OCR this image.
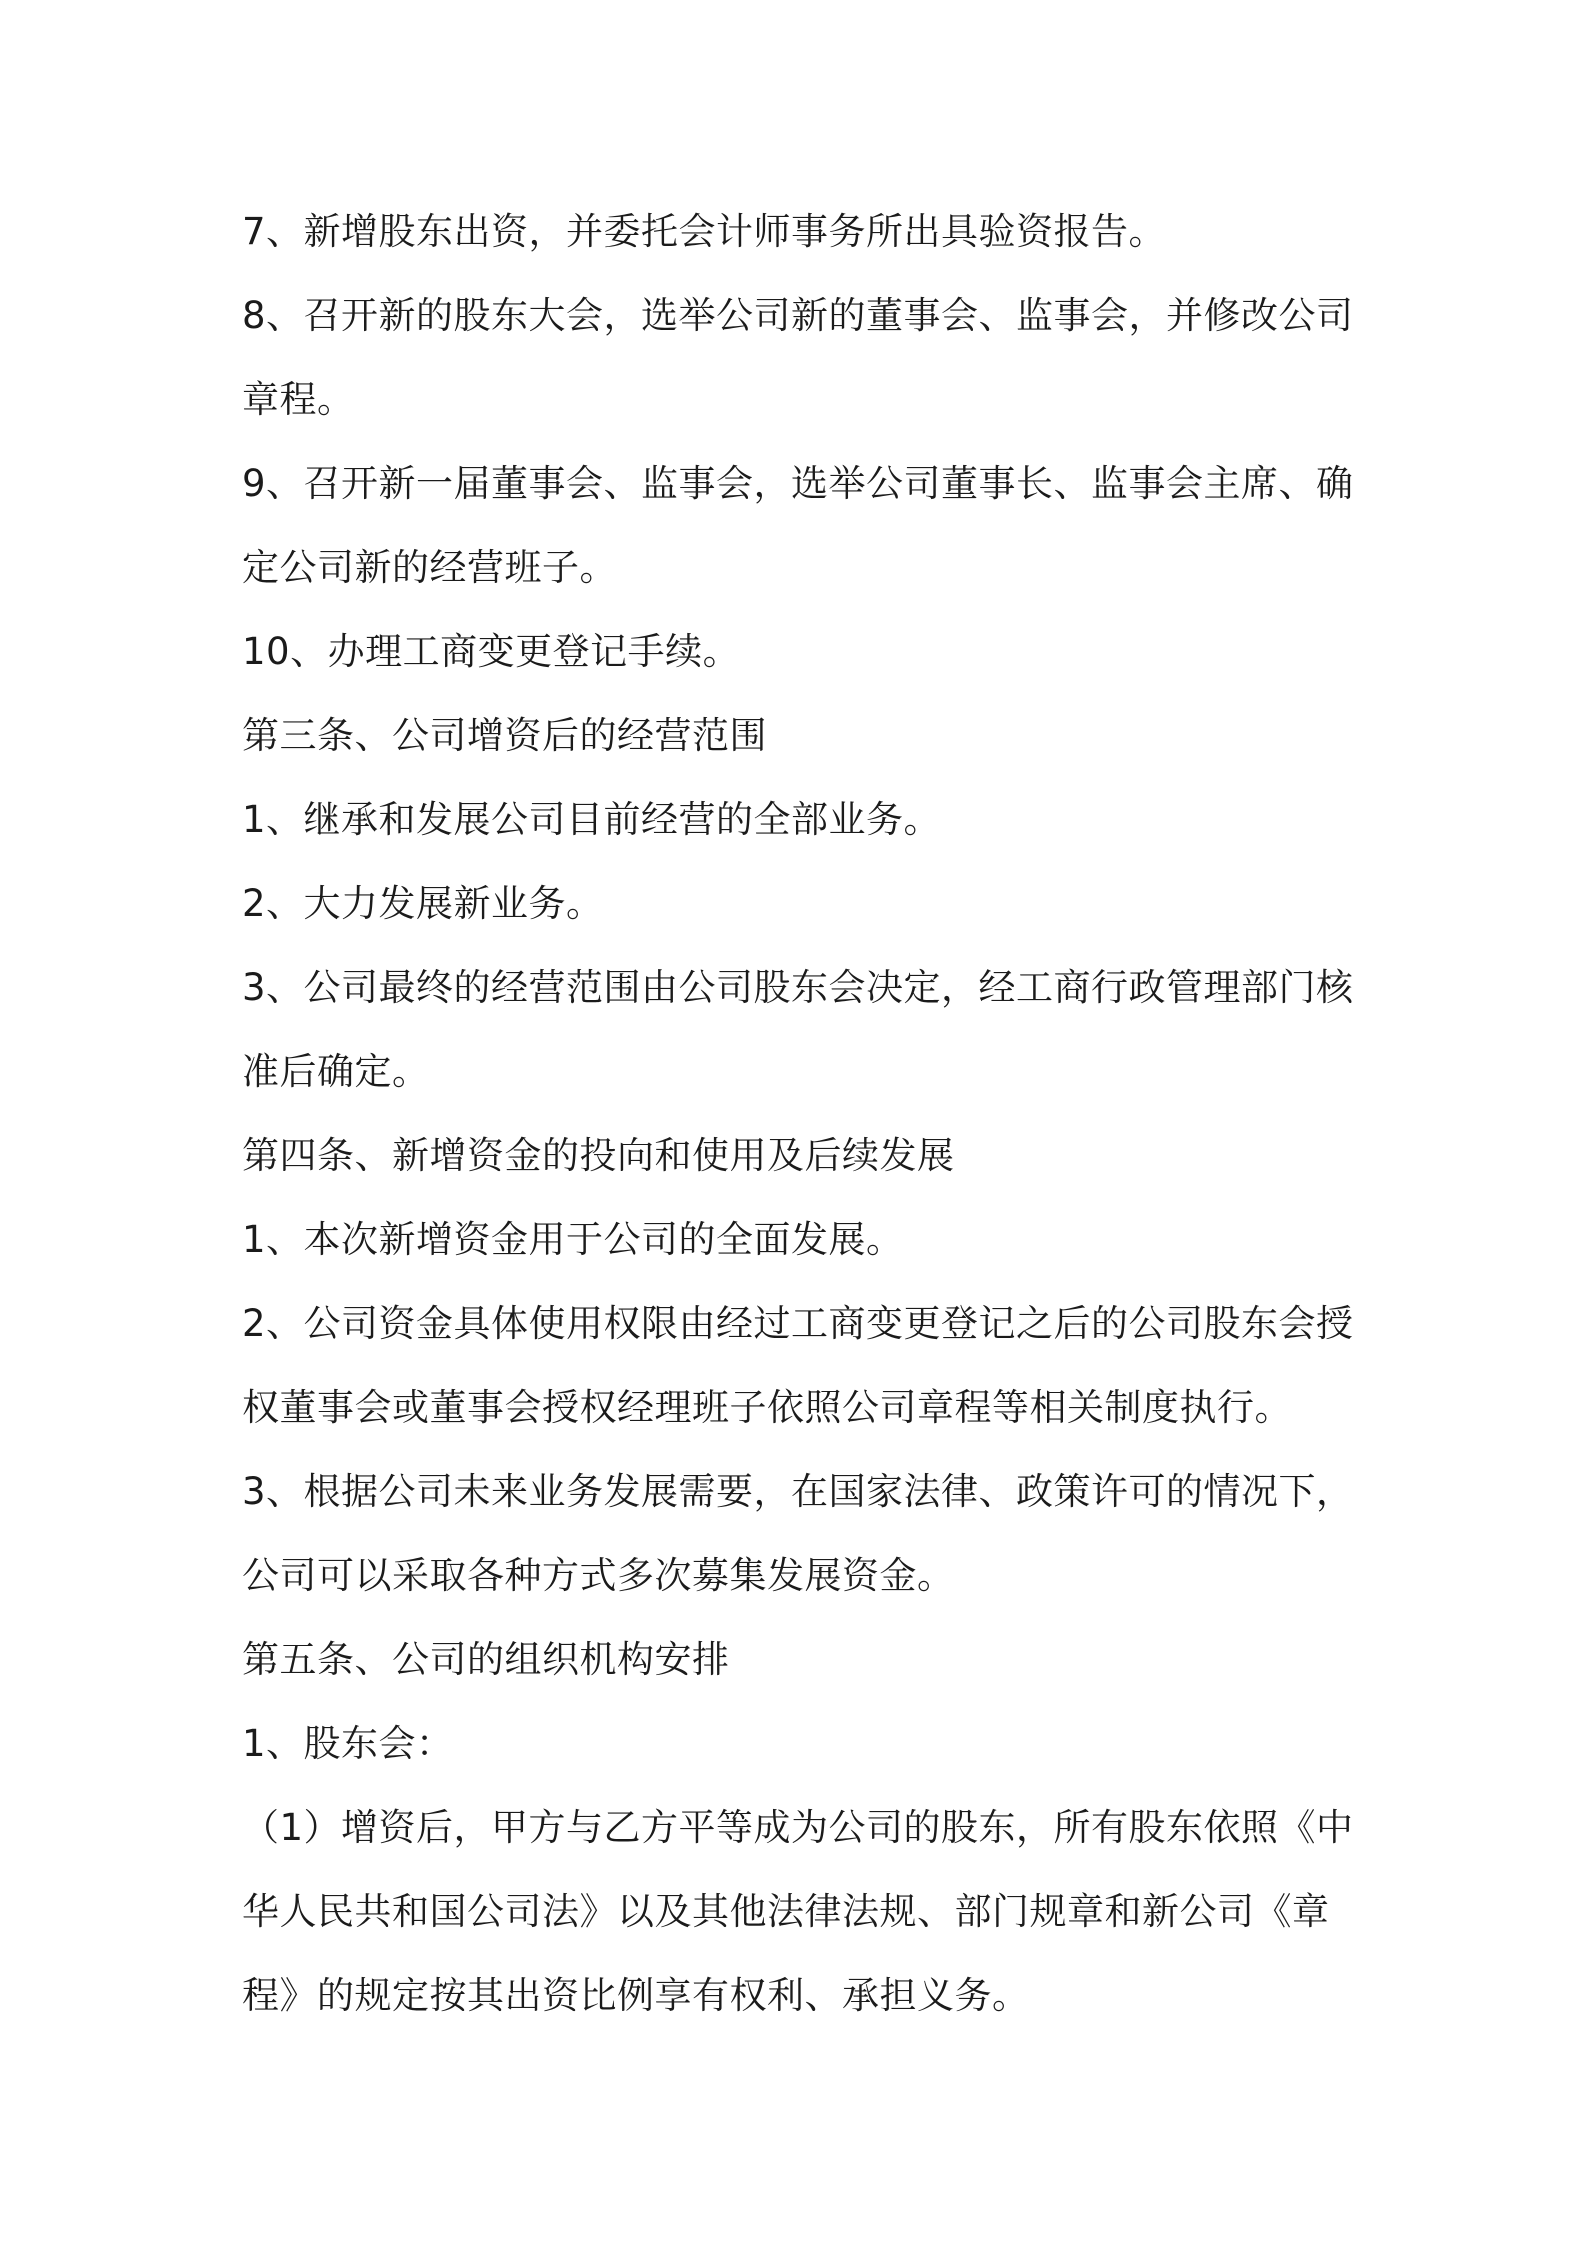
7、新增股东出资，并委托会计师事务所出具验资报告。

8、召开新的股东大会，选举公司新的董事会、监事会，并修改公司章程。

9、召开新一届董事会、监事会，选举公司董事长、监事会主席、确定公司新的经营班子。

10、办理工商变更登记手续。

第三条、公司增资后的经营范围

1、继承和发展公司目前经营的全部业务。

2、大力发展新业务。

3、公司最终的经营范围由公司股东会决定，经工商行政管理部门核准后确定。

第四条、新增资金的投向和使用及后续发展

1、本次新增资金用于公司的全面发展。

2、公司资金具体使用权限由经过工商变更登记之后的公司股东会授权董事会或董事会授权经理班子依照公司章程等相关制度执行。

3、根据公司未来业务发展需要，在国家法律、政策许可的情况下，公司可以采取各种方式多次募集发展资金。

第五条、公司的组织机构安排

1、股东会：

（1）增资后，甲方与乙方平等成为公司的股东，所有股东依照《中华人民共和国公司法》以及其他法律法规、部门规章和新公司《章程》的规定按其出资比例享有权利、承担义务。
